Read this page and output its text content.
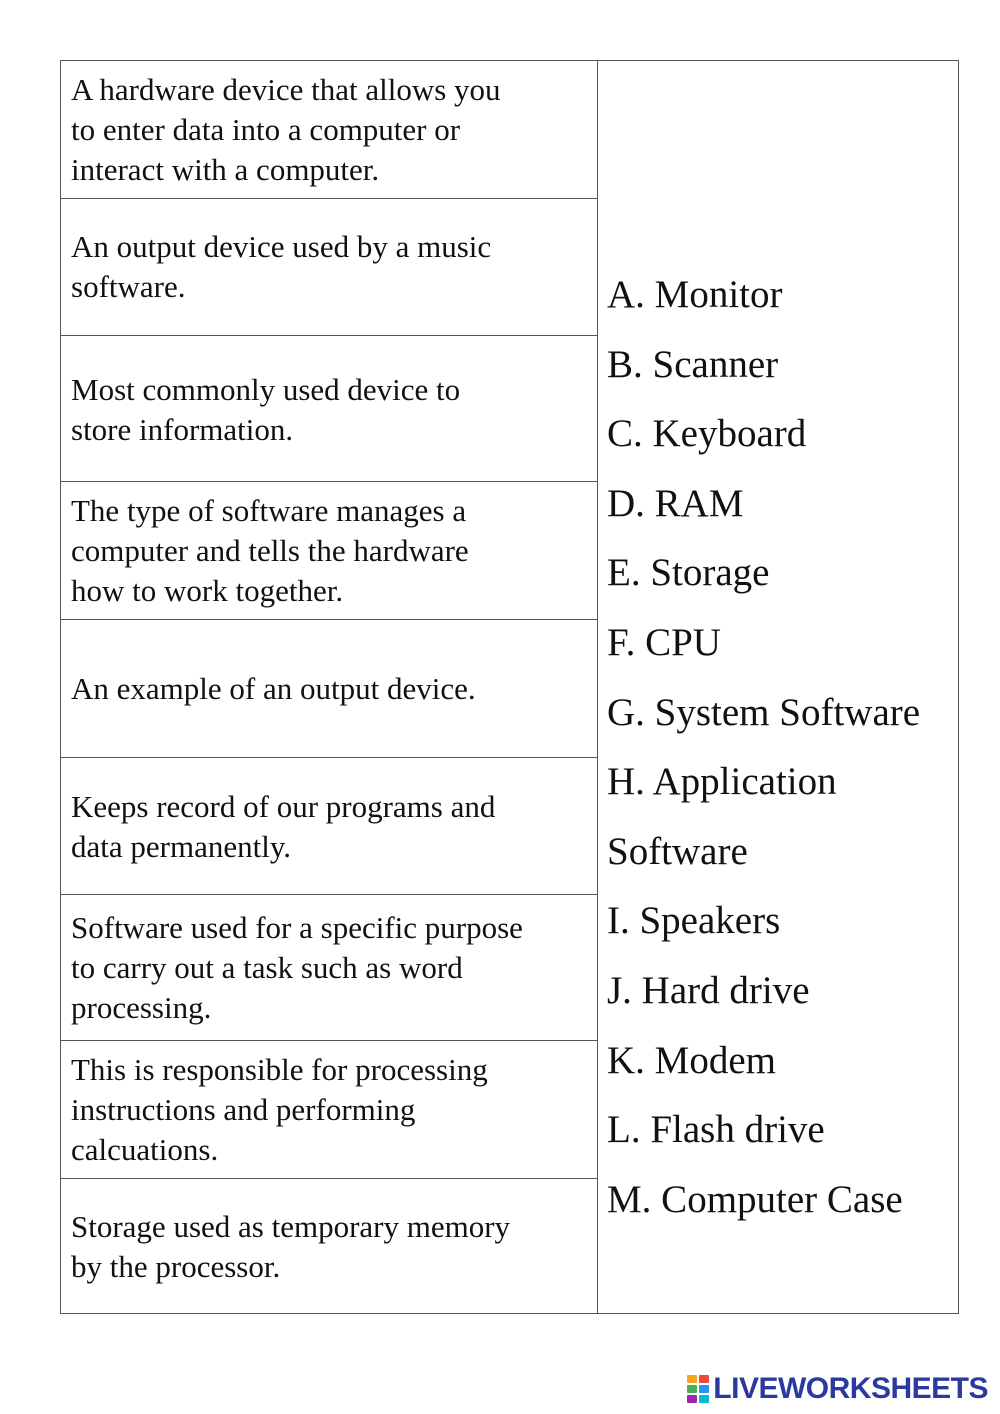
A hardware device that allows you
to enter data into a computer or
interact with a computer.
An output device used by a music
software.
Most commonly used device to
store information.
The type of software manages a
computer and tells the hardware
how to work together.
An example of an output device.
Keeps record of our programs and
data permanently.
Software used for a specific purpose
to carry out a task such as word
processing.
This is responsible for processing
instructions and performing
calcuations.
Storage used as temporary memory
by the processor.
A. Monitor
B. Scanner
C. Keyboard
D. RAM
E. Storage
F. CPU
G. System Software
H. Application
Software
I. Speakers
J. Hard drive
K. Modem
L. Flash drive
M. Computer Case
LIVEWORKSHEETS
